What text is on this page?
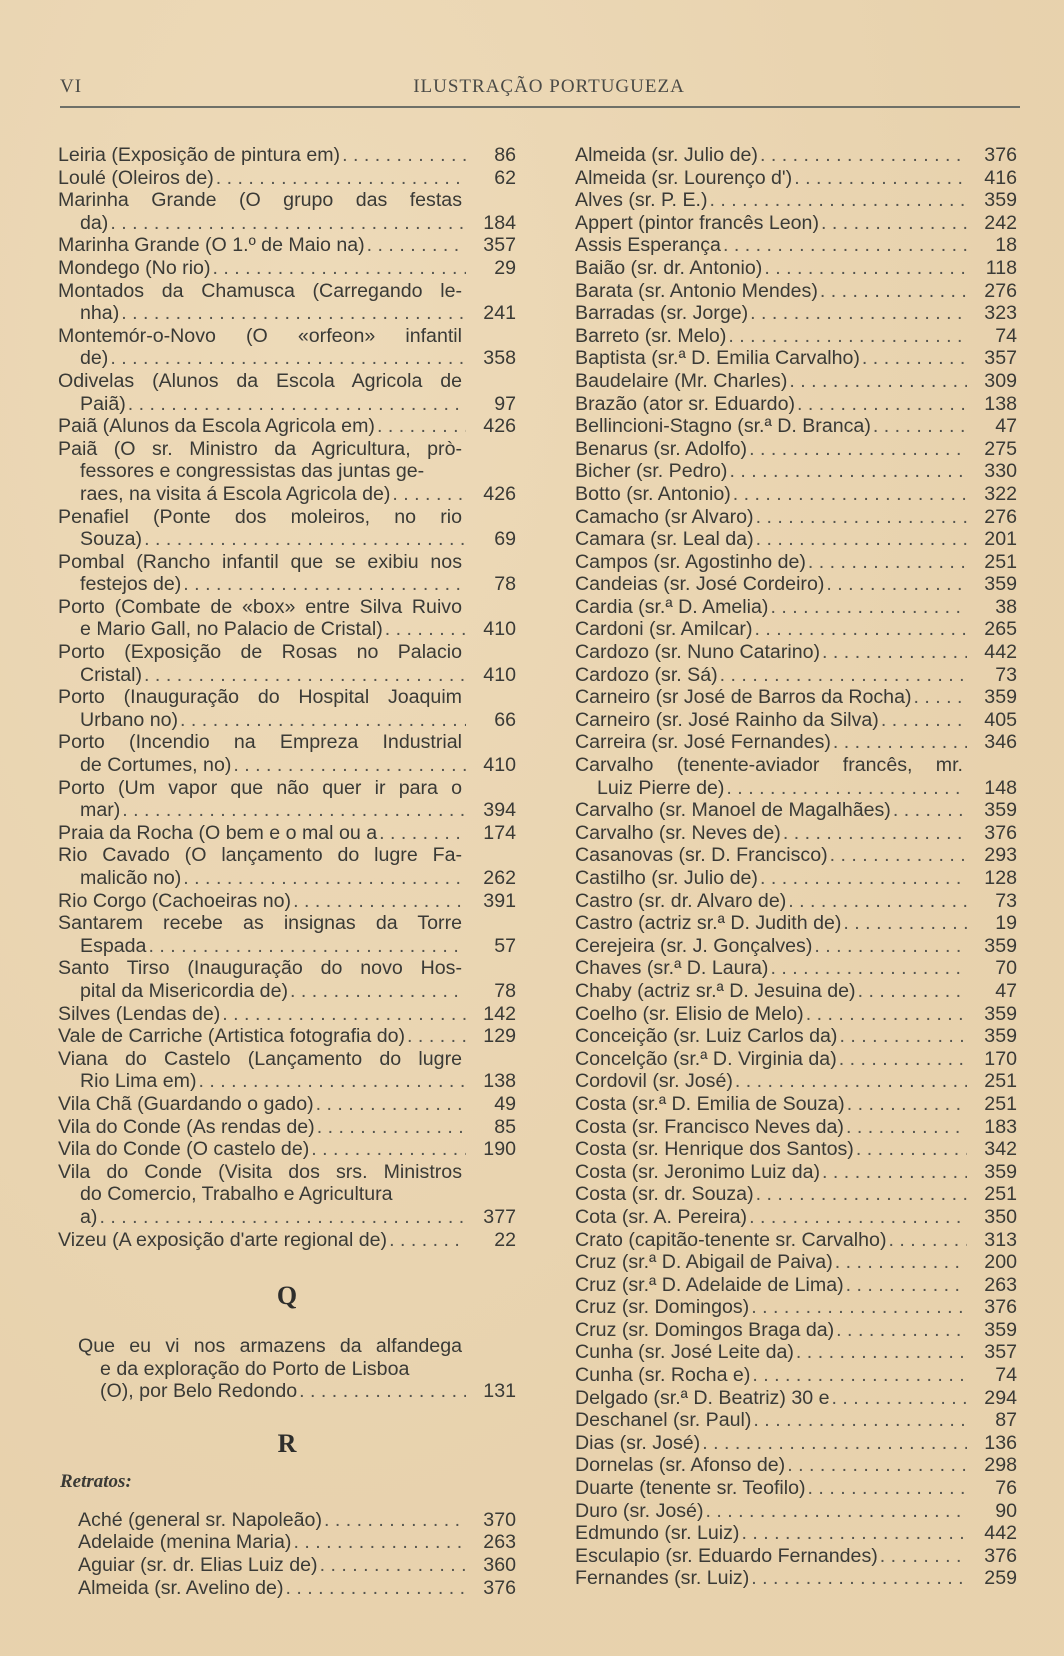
VI	ILUSTRAÇÃO PORTUGUEZA
Leiria (Exposição de pintura em) . . .	86
Loulé (Oleiros de) . . .	62
Marinha Grande (O grupo das festas
da) . . .	184
Marinha Grande (O 1.º de Maio na) . . .	357
Mondego (No rio) . . .	29
Montados da Chamusca (Carregando le-
nha) . . .	241
Montemór-o-Novo (O «orfeon» infantil
de) . . .	358
Odivelas (Alunos da Escola Agricola de
Paiã) . . .	97
Paiã (Alunos da Escola Agricola em) . . .	426
Paiã (O sr. Ministro da Agricultura, prò-
fessores e congressistas das juntas ge-
raes, na visita á Escola Agricola de) . . .	426
Penafiel (Ponte dos moleiros, no rio
Souza) . . .	69
Pombal (Rancho infantil que se exibiu nos
festejos de) . . .	78
Porto (Combate de «box» entre Silva Ruivo
e Mario Gall, no Palacio de Cristal) . . .	410
Porto (Exposição de Rosas no Palacio
Cristal) . . .	410
Porto (Inauguração do Hospital Joaquim
Urbano no) . . .	66
Porto (Incendio na Empreza Industrial
de Cortumes, no) . . .	410
Porto (Um vapor que não quer ir para o
mar) . . .	394
Praia da Rocha (O bem e o mal ou a . . .	174
Rio Cavado (O lançamento do lugre Fa-
malicão no) . . .	262
Rio Corgo (Cachoeiras no) . . .	391
Santarem recebe as insignas da Torre
Espada . . .	57
Santo Tirso (Inauguração do novo Hos-
pital da Misericordia de) . . .	78
Silves (Lendas de) . . .	142
Vale de Carriche (Artistica fotografia do) . . .	129
Viana do Castelo (Lançamento do lugre
Rio Lima em) . . .	138
Vila Chã (Guardando o gado) . . .	49
Vila do Conde (As rendas de) . . .	85
Vila do Conde (O castelo de) . . .	190
Vila do Conde (Visita dos srs. Ministros
do Comercio, Trabalho e Agricultura
a) . . .	377
Vizeu (A exposição d'arte regional de) . . .	22
Q
Que eu vi nos armazens da alfandega
e da exploração do Porto de Lisboa
(O), por Belo Redondo . . .	131
R
Retratos:
Aché (general sr. Napoleão) . . .	370
Adelaide (menina Maria) . . .	263
Aguiar (sr. dr. Elias Luiz de) . . .	360
Almeida (sr. Avelino de) . . .	376
Almeida (sr. Julio de) . . .	376
Almeida (sr. Lourenço d') . . .	416
Alves (sr. P. E.) . . .	359
Appert (pintor francês Leon) . . .	242
Assis Esperança . . .	18
Baião (sr. dr. Antonio) . . .	118
Barata (sr. Antonio Mendes) . . .	276
Barradas (sr. Jorge) . . .	323
Barreto (sr. Melo) . . .	74
Baptista (sr.ª D. Emilia Carvalho) . . .	357
Baudelaire (Mr. Charles) . . .	309
Brazão (ator sr. Eduardo) . . .	138
Bellincioni-Stagno (sr.ª D. Branca) . . .	47
Benarus (sr. Adolfo) . . .	275
Bicher (sr. Pedro) . . .	330
Botto (sr. Antonio) . . .	322
Camacho (sr Alvaro) . . .	276
Camara (sr. Leal da) . . .	201
Campos (sr. Agostinho de) . . .	251
Candeias (sr. José Cordeiro) . . .	359
Cardia (sr.ª D. Amelia) . . .	38
Cardoni (sr. Amilcar) . . .	265
Cardozo (sr. Nuno Catarino) . . .	442
Cardozo (sr. Sá) . . .	73
Carneiro (sr José de Barros da Rocha) . . .	359
Carneiro (sr. José Rainho da Silva) . . .	405
Carreira (sr. José Fernandes) . . .	346
Carvalho (tenente-aviador francês, mr.
Luiz Pierre de) . . .	148
Carvalho (sr. Manoel de Magalhães) . . .	359
Carvalho (sr. Neves de) . . .	376
Casanovas (sr. D. Francisco) . . .	293
Castilho (sr. Julio de) . . .	128
Castro (sr. dr. Alvaro de) . . .	73
Castro (actriz sr.ª D. Judith de) . . .	19
Cerejeira (sr. J. Gonçalves) . . .	359
Chaves (sr.ª D. Laura) . . .	70
Chaby (actriz sr.ª D. Jesuina de) . . .	47
Coelho (sr. Elisio de Melo) . . .	359
Conceição (sr. Luiz Carlos da) . . .	359
Concelção (sr.ª D. Virginia da) . . .	170
Cordovil (sr. José) . . .	251
Costa (sr.ª D. Emilia de Souza) . . .	251
Costa (sr. Francisco Neves da) . . .	183
Costa (sr. Henrique dos Santos) . . .	342
Costa (sr. Jeronimo Luiz da) . . .	359
Costa (sr. dr. Souza) . . .	251
Cota (sr. A. Pereira) . . .	350
Crato (capitão-tenente sr. Carvalho) . . .	313
Cruz (sr.ª D. Abigail de Paiva) . . .	200
Cruz (sr.ª D. Adelaide de Lima) . . .	263
Cruz (sr. Domingos) . . .	376
Cruz (sr. Domingos Braga da) . . .	359
Cunha (sr. José Leite da) . . .	357
Cunha (sr. Rocha e) . . .	74
Delgado (sr.ª D. Beatriz) 30 e . . .	294
Deschanel (sr. Paul) . . .	87
Dias (sr. José) . . .	136
Dornelas (sr. Afonso de) . . .	298
Duarte (tenente sr. Teofilo) . . .	76
Duro (sr. José) . . .	90
Edmundo (sr. Luiz) . . .	442
Esculapio (sr. Eduardo Fernandes) . . .	376
Fernandes (sr. Luiz) . . .	259
